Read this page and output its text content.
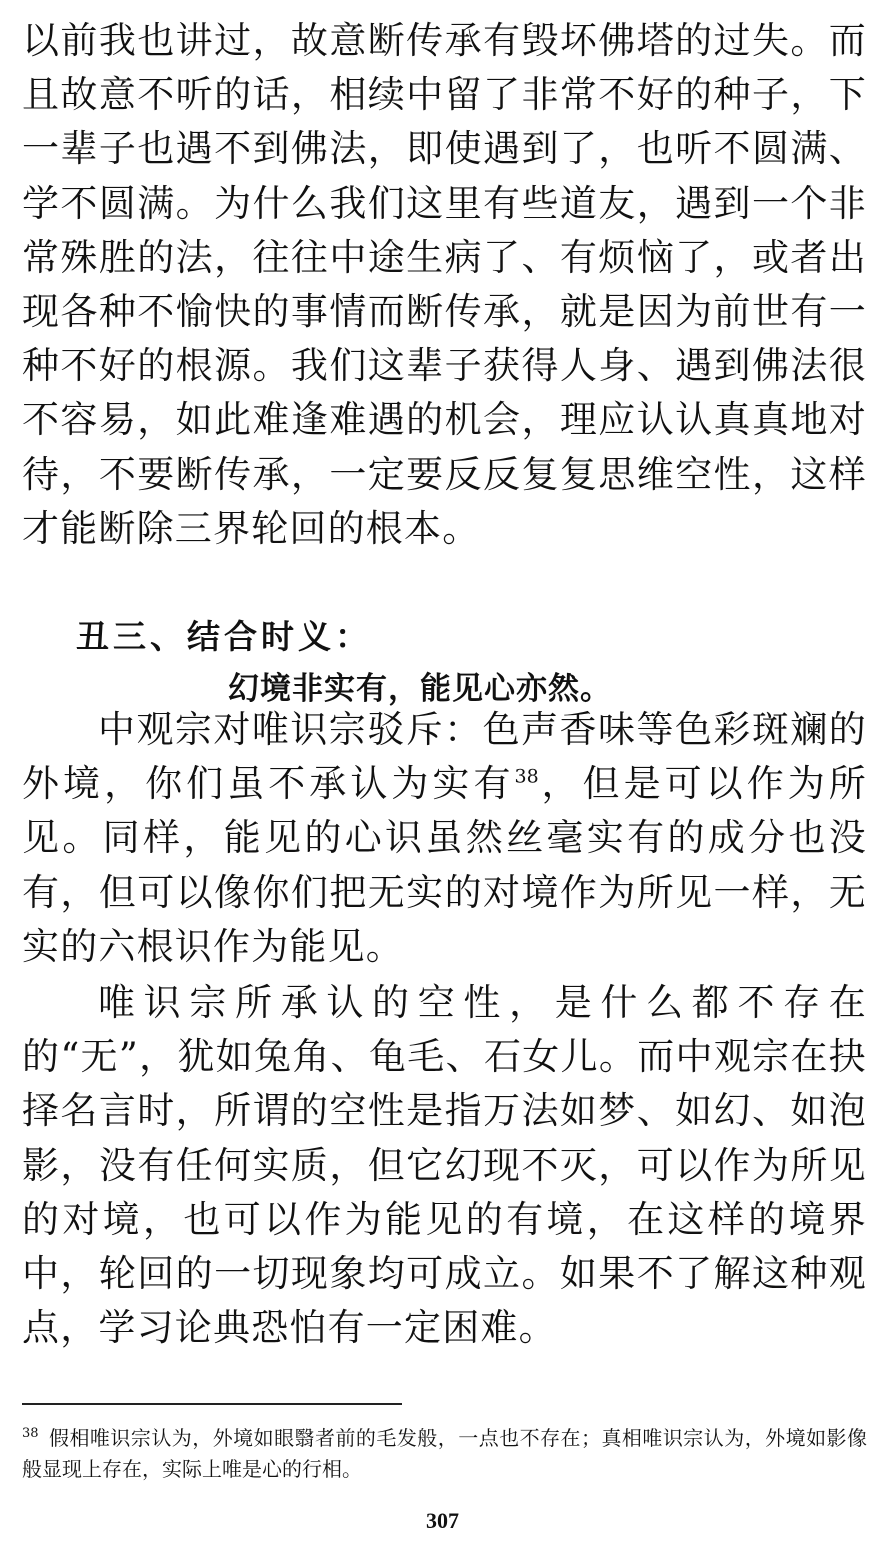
以前我也讲过，故意断传承有毁坏佛塔的过失。而且故意不听的话，相续中留了非常不好的种子，下一辈子也遇不到佛法，即使遇到了，也听不圆满、学不圆满。为什么我们这里有些道友，遇到一个非常殊胜的法，往往中途生病了、有烦恼了，或者出现各种不愉快的事情而断传承，就是因为前世有一种不好的根源。我们这辈子获得人身、遇到佛法很不容易，如此难逢难遇的机会，理应认认真真地对待，不要断传承，一定要反反复复思维空性，这样才能断除三界轮回的根本。

丑三、结合时义：
幻境非实有，能见心亦然。

中观宗对唯识宗驳斥：色声香味等色彩斑斓的外境，你们虽不承认为实有$^{38}$，但是可以作为所见。同样，能见的心识虽然丝毫实有的成分也没有，但可以像你们把无实的对境作为所见一样，无实的六根识作为能见。

唯识宗所承认的空性，是什么都不存在的“无”，犹如兔角、龟毛、石女儿。而中观宗在抉择名言时，所谓的空性是指万法如梦、如幻、如泡影，没有任何实质，但它幻现不灭，可以作为所见的对境，也可以作为能见的有境，在这样的境界中，轮回的一切现象均可成立。如果不了解这种观点，学习论典恐怕有一定困难。

$^{38}$ 假相唯识宗认为，外境如眼翳者前的毛发般，一点也不存在；真相唯识宗认为，外境如影像般显现上存在，实际上唯是心的行相。
307
